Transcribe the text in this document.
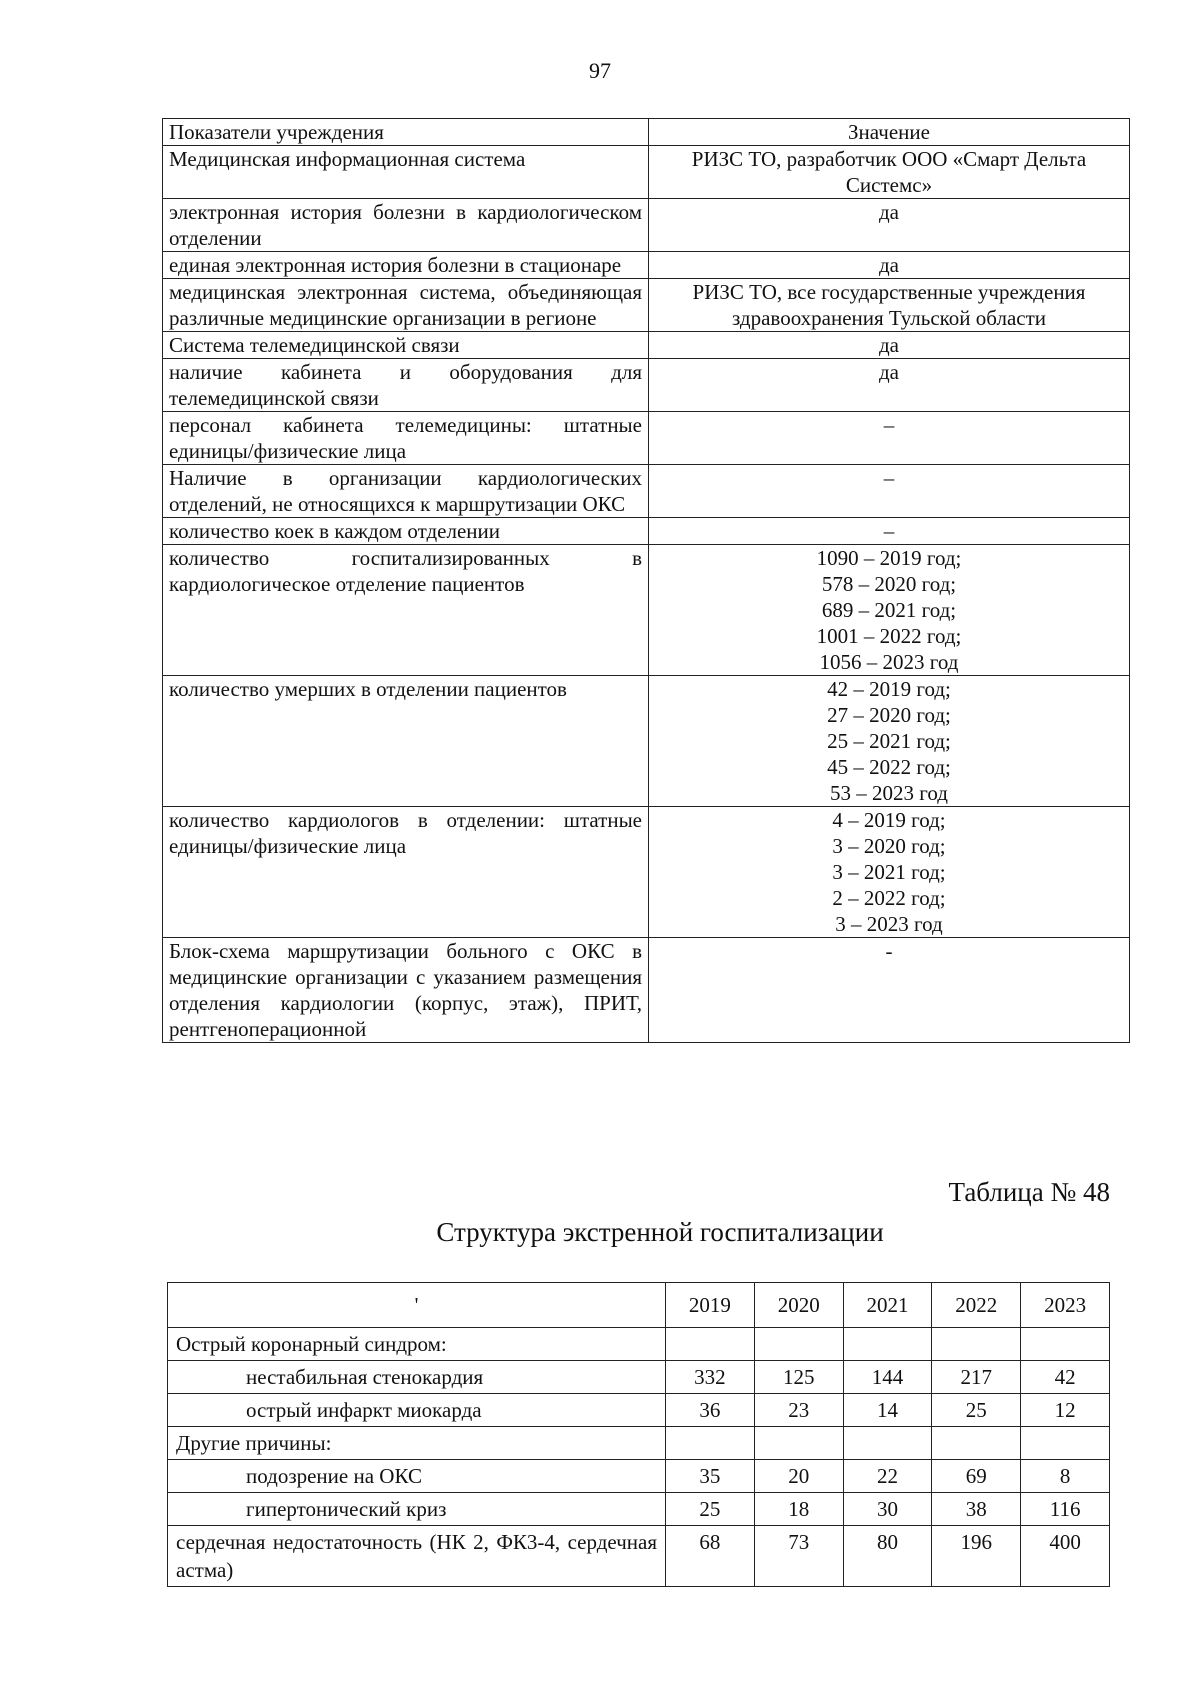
97
Показатели учреждения	Значение
Медицинская информационная система	РИЗС ТО, разработчик ООО «Смарт Дельта Системс»
электронная история болезни в кардиологическом отделении	да
единая электронная история болезни в стационаре	да
медицинская электронная система, объединяющая различные медицинские организации в регионе	РИЗС ТО, все государственные учреждения здравоохранения Тульской области
Система телемедицинской связи	да
наличие кабинета и оборудования для телемедицинской связи	да
персонал кабинета телемедицины: штатные единицы/физические лица	–
Наличие в организации кардиологических отделений, не относящихся к маршрутизации ОКС	–
количество коек в каждом отделении	–
количество госпитализированных в кардиологическое отделение пациентов	1090 – 2019 год;
578 – 2020 год;
689 – 2021 год;
1001 – 2022 год;
1056 – 2023 год
количество умерших в отделении пациентов	42 – 2019 год;
27 – 2020 год;
25 – 2021 год;
45 – 2022 год;
53 – 2023 год
количество кардиологов в отделении: штатные единицы/физические лица	4 – 2019 год;
3 – 2020 год;
3 – 2021 год;
2 – 2022 год;
3 – 2023 год
Блок-схема маршрутизации больного с ОКС в медицинские организации с указанием размещения отделения кардиологии (корпус, этаж), ПРИТ, рентгеноперационной	-
Таблица № 48
Структура экстренной госпитализации
'	2019	2020	2021	2022	2023
Острый коронарный синдром:					
нестабильная стенокардия	332	125	144	217	42
острый инфаркт миокарда	36	23	14	25	12
Другие причины:					
подозрение на ОКС	35	20	22	69	8
гипертонический криз	25	18	30	38	116
сердечная недостаточность (НК 2, ФК3-4, сердечная астма)	68	73	80	196	400
